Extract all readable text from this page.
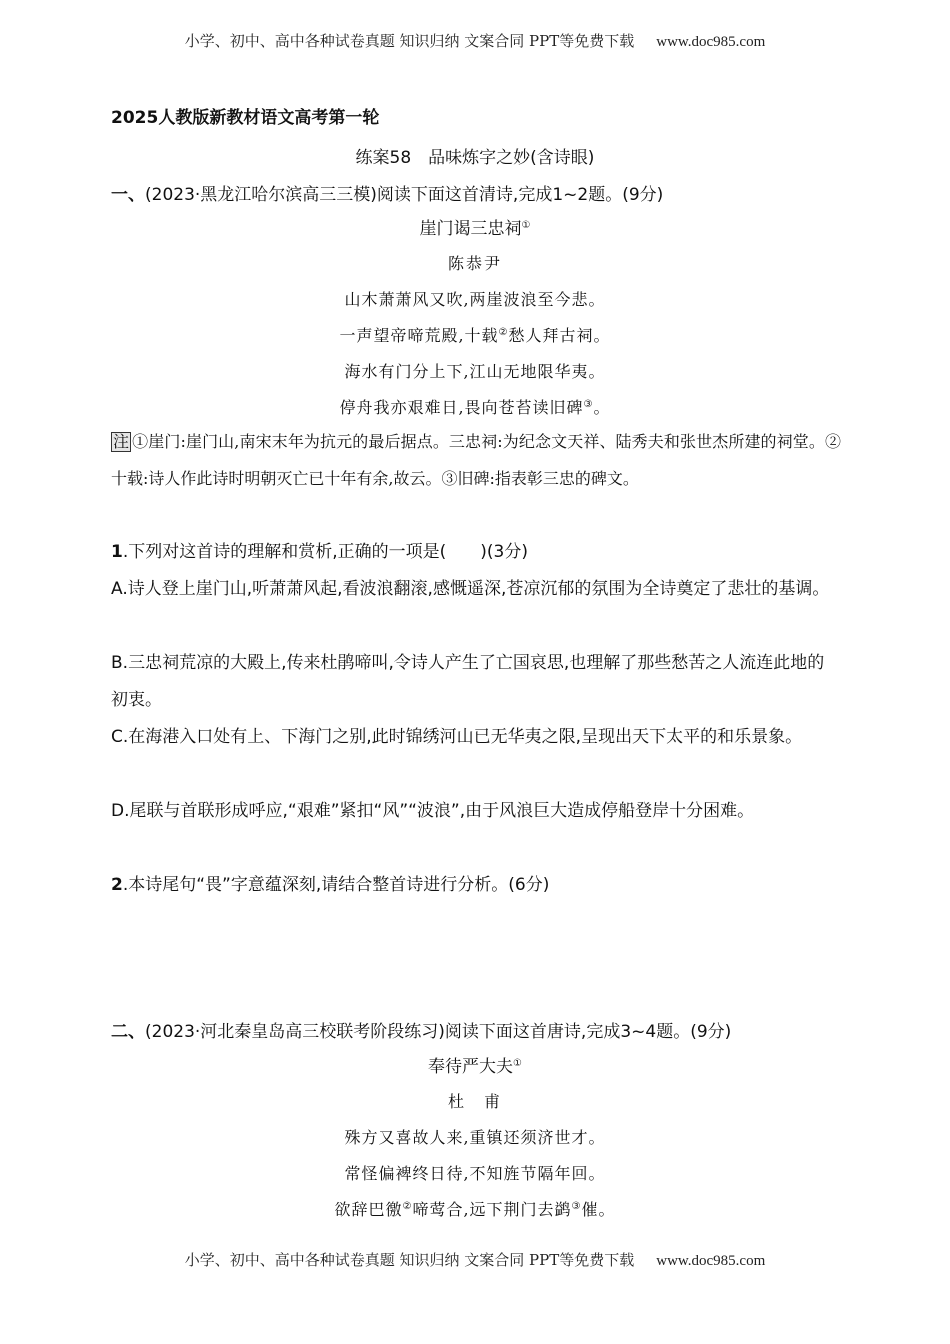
小学、初中、高中各种试卷真题 知识归纳 文案合同 PPT等免费下载 www.doc985.com
2025人教版新教材语文高考第一轮
练案58　品味炼字之妙(含诗眼)
一、(2023·黑龙江哈尔滨高三三模)阅读下面这首清诗,完成1~2题。(9分)
崖门谒三忠祠①
陈恭尹
山木萧萧风又吹,两崖波浪至今悲。
一声望帝啼荒殿,十载②愁人拜古祠。
海水有门分上下,江山无地限华夷。
停舟我亦艰难日,畏向苍苔读旧碑③。
注 ①崖门:崖门山,南宋末年为抗元的最后据点。三忠祠:为纪念文天祥、陆秀夫和张世杰所建的祠堂。②十载:诗人作此诗时明朝灭亡已十年有余,故云。③旧碑:指表彰三忠的碑文。
1.下列对这首诗的理解和赏析,正确的一项是(　　)(3分)
A.诗人登上崖门山,听萧萧风起,看波浪翻滚,感慨遥深,苍凉沉郁的氛围为全诗奠定了悲壮的基调。
B.三忠祠荒凉的大殿上,传来杜鹃啼叫,令诗人产生了亡国哀思,也理解了那些愁苦之人流连此地的初衷。
C.在海港入口处有上、下海门之别,此时锦绣河山已无华夷之限,呈现出天下太平的和乐景象。
D.尾联与首联形成呼应,“艰难”紧扣“风”“波浪”,由于风浪巨大造成停船登岸十分困难。
2.本诗尾句“畏”字意蕴深刻,请结合整首诗进行分析。(6分)
二、(2023·河北秦皇岛高三校联考阶段练习)阅读下面这首唐诗,完成3~4题。(9分)
奉待严大夫①
杜　甫
殊方又喜故人来,重镇还须济世才。
常怪偏裨终日待,不知旌节隔年回。
欲辞巴徼②啼莺合,远下荆门去鹢③催。
小学、初中、高中各种试卷真题 知识归纳 文案合同 PPT等免费下载 www.doc985.com
